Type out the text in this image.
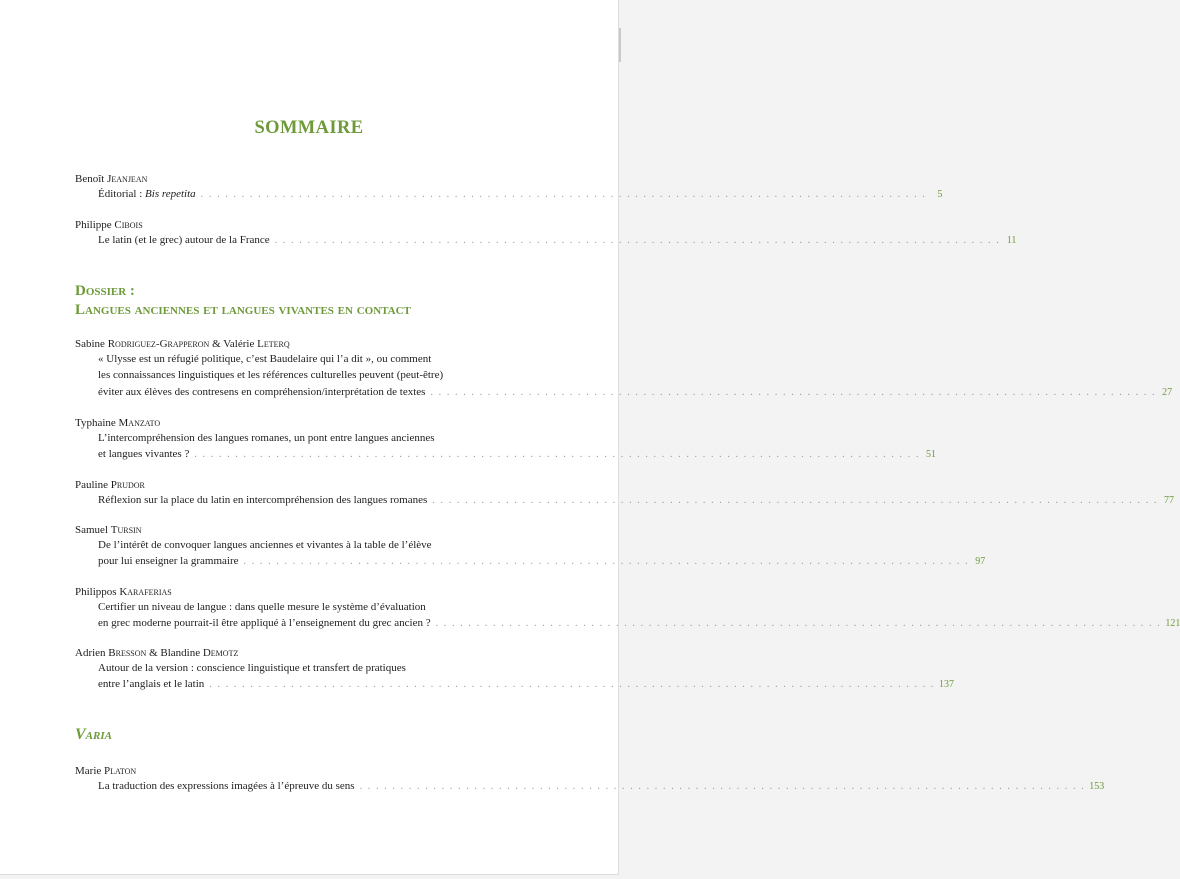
SOMMAIRE
Benoît Jeanjean
Éditorial : Bis repetita . . . . . . . . . . . . . . . . . . . . . . . . . . . . . . . . . . . . . . . . . . . . . . . . . . . . . . . . . . . . . . . . . . . . . . . . . . . . . . . . . . . . . . . . .	5
Philippe Cibois
Le latin (et le grec) autour de la France . . . . . . . . . . . . . . . . . . . . . . . . . . . . . . . . . . . . . . . . . . . . . . . . . . . . . . . . . . . . . . . . . . . . . . . . . . . . . . . . . . . . . . . . . 11
Dossier :
Langues anciennes et langues vivantes en contact
Sabine Rodriguez-Grapperon & Valérie Leterq
« Ulysse est un réfugié politique, c’est Baudelaire qui l’a dit », ou comment
les connaissances linguistiques et les références culturelles peuvent (peut-être)
éviter aux élèves des contresens en compréhension/interprétation de textes . . . . . . . . . . . . . . . . . . . . . . . . . . . . . . . . . . . . . . . . . . . . . . . . . . . . . . . . . . . . . . . . . . . . . . . . . . . . . . . . . . . . . . . . . 27
Typhaine Manzato
L’intercompréhension des langues romanes, un pont entre langues anciennes
et langues vivantes ? . . . . . . . . . . . . . . . . . . . . . . . . . . . . . . . . . . . . . . . . . . . . . . . . . . . . . . . . . . . . . . . . . . . . . . . . . . . . . . . . . . . . . . . . . 51
Pauline Prudor
Réflexion sur la place du latin en intercompréhension des langues romanes . . . . . . . . . . . . . . . . . . . . . . . . . . . . . . . . . . . . . . . . . . . . . . . . . . . . . . . . . . . . . . . . . . . . . . . . . . . . . . . . . . . . . . . . . 77
Samuel Tursin
De l’intérêt de convoquer langues anciennes et vivantes à la table de l’élève
pour lui enseigner la grammaire . . . . . . . . . . . . . . . . . . . . . . . . . . . . . . . . . . . . . . . . . . . . . . . . . . . . . . . . . . . . . . . . . . . . . . . . . . . . . . . . . . . . . . . . . 97
Philippos Karaferias
Certifier un niveau de langue : dans quelle mesure le système d’évaluation
en grec moderne pourrait-il être appliqué à l’enseignement du grec ancien ? . . . . . . . . . . . . . . . . . . . . . . . . . . . . . . . . . . . . . . . . . . . . . . . . . . . . . . . . . . . . . . . . . . . . . . . . . . . . . . . . . . . . . . . . . 121
Adrien Bresson & Blandine Demotz
Autour de la version : conscience linguistique et transfert de pratiques
entre l’anglais et le latin . . . . . . . . . . . . . . . . . . . . . . . . . . . . . . . . . . . . . . . . . . . . . . . . . . . . . . . . . . . . . . . . . . . . . . . . . . . . . . . . . . . . . . . . . 137
Varia
Marie Platon
La traduction des expressions imagées à l’épreuve du sens . . . . . . . . . . . . . . . . . . . . . . . . . . . . . . . . . . . . . . . . . . . . . . . . . . . . . . . . . . . . . . . . . . . . . . . . . . . . . . . . . . . . . . . . . 153
